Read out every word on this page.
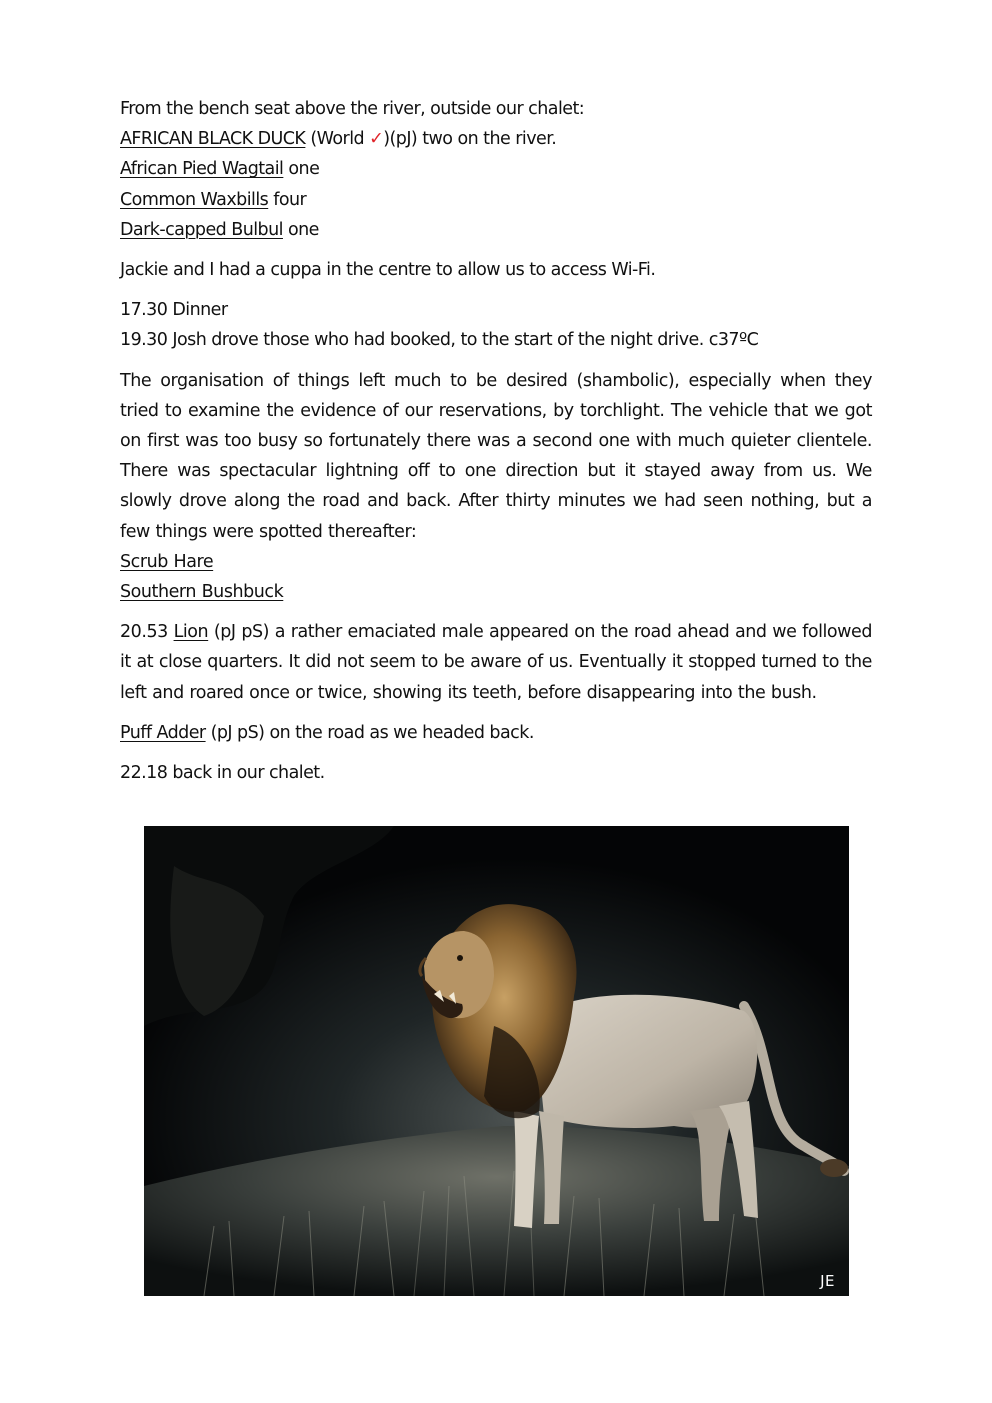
From the bench seat above the river, outside our chalet:

AFRICAN BLACK DUCK (World ✓)(pJ) two on the river.

African Pied Wagtail one

Common Waxbills four

Dark-capped Bulbul one

Jackie and I had a cuppa in the centre to allow us to access Wi-Fi.

17.30 Dinner

19.30 Josh drove those who had booked, to the start of the night drive. c37ºC

The organisation of things left much to be desired (shambolic), especially when they tried to examine the evidence of our reservations, by torchlight. The vehicle that we got on first was too busy so fortunately there was a second one with much quieter clientele. There was spectacular lightning off to one direction but it stayed away from us. We slowly drove along the road and back. After thirty minutes we had seen nothing, but a few things were spotted thereafter:

Scrub Hare

Southern Bushbuck

20.53 Lion (pJ pS) a rather emaciated male appeared on the road ahead and we followed it at close quarters. It did not seem to be aware of us. Eventually it stopped turned to the left and roared once or twice, showing its teeth, before disappearing into the bush.

Puff Adder (pJ pS) on the road as we headed back.

22.18 back in our chalet.

JE
